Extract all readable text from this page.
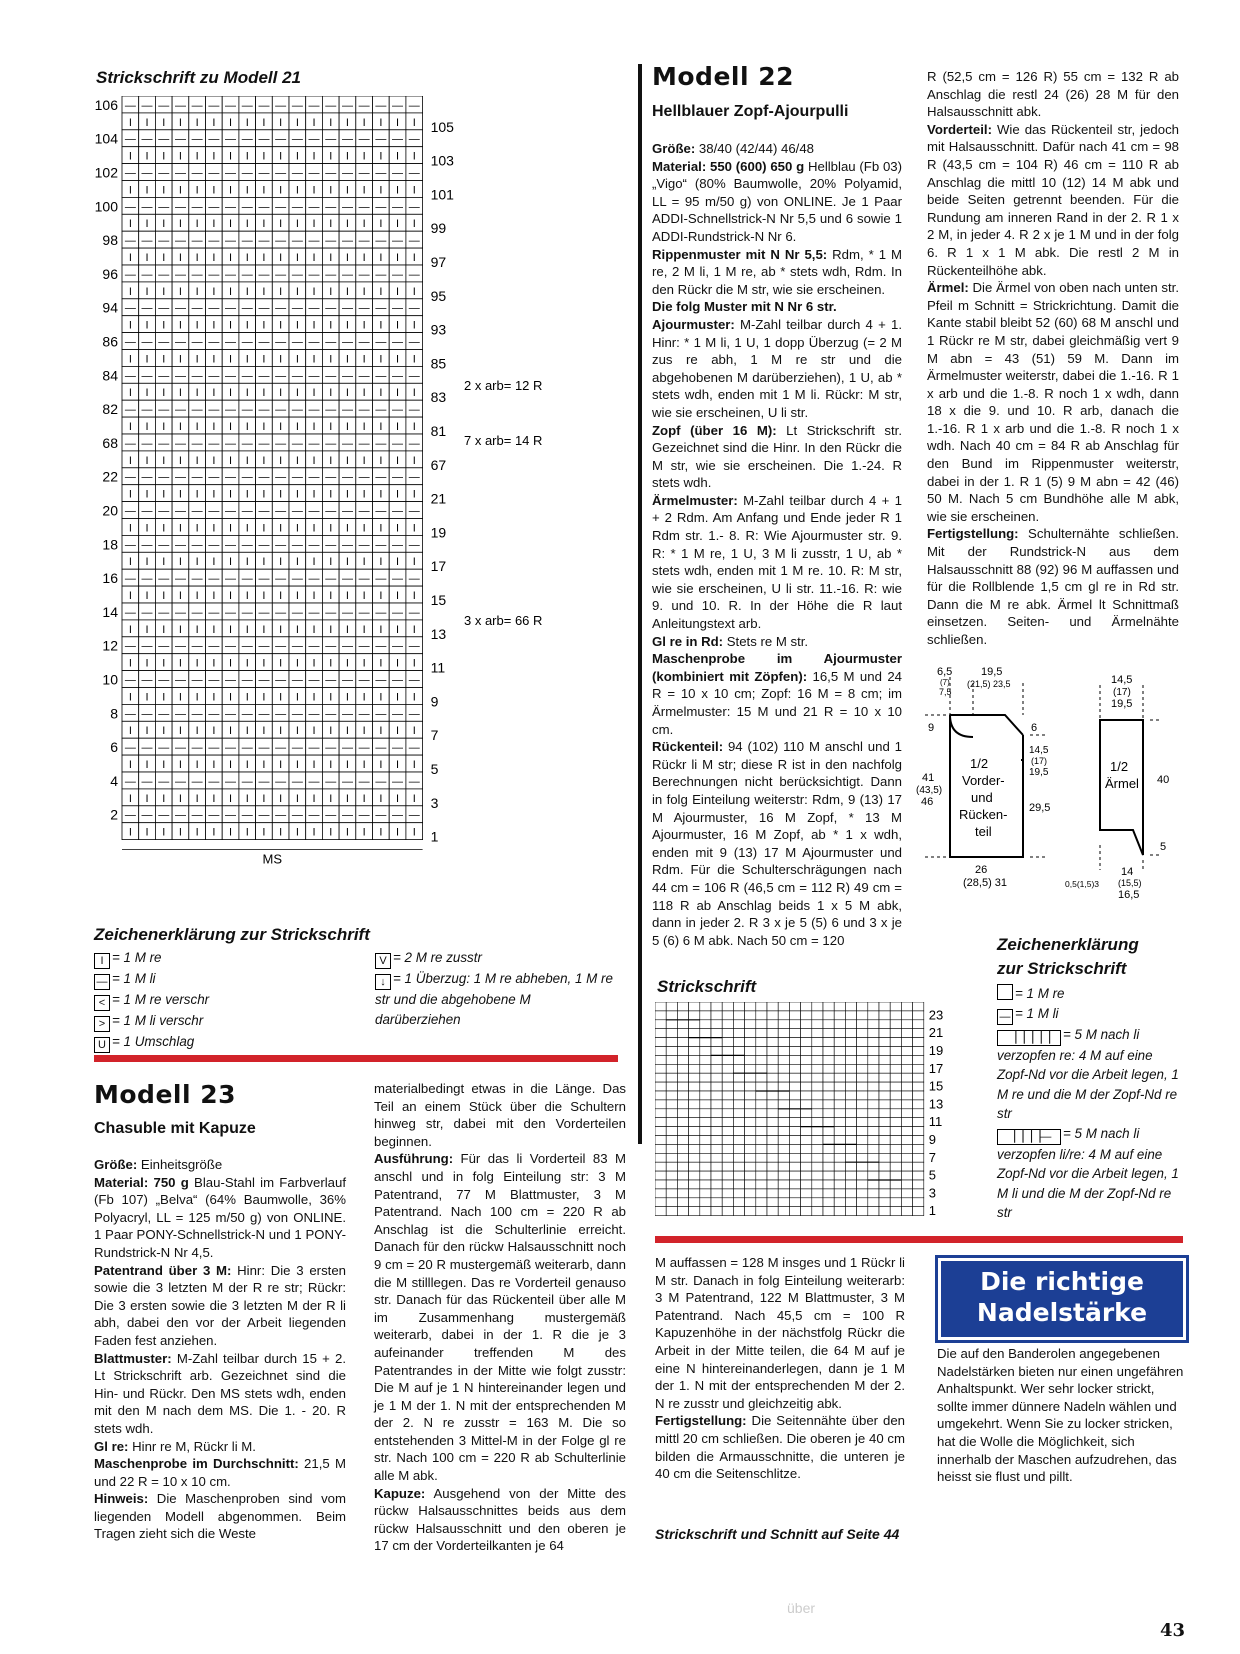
Strickschrift zu Modell 21
— — — — — — — — — — — — — — — — — —
I I I I I I I I I I I I I I I I I I
— — — — — — — — — — — — — — — — — —
I I I I I I I I I I I I I I I I I I
— — — — — — — — — — — — — — — — — —
I I I I I I I I I I I I I I I I I I
— — — — — — — — — — — — — — — — — —
I I I I I I I I I I I I I I I I I I
— — — — — — — — — — — — — — — — — —
I I I I I I I I I I I I I I I I I I
— — — — — — — — — — — — — — — — — —
I I I I I I I I I I I I I I I I I I
— — — — — — — — — — — — — — — — — —
I I I I I I I I I I I I I I I I I I
— — — — — — — — — — — — — — — — — —
I I I I I I I I I I I I I I I I I I
— — — — — — — — — — — — — — — — — —
I I I I I I I I I I I I I I I I I I
— — — — — — — — — — — — — — — — — —
I I I I I I I I I I I I I I I I I I
— — — — — — — — — — — — — — — — — —
I I I I I I I I I I I I I I I I I I
— — — — — — — — — — — — — — — — — —
I I I I I I I I I I I I I I I I I I
— — — — — — — — — — — — — — — — — —
I I I I I I I I I I I I I I I I I I
— — — — — — — — — — — — — — — — — —
I I I I I I I I I I I I I I I I I I
— — — — — — — — — — — — — — — — — —
I I I I I I I I I I I I I I I I I I
— — — — — — — — — — — — — — — — — —
I I I I I I I I I I I I I I I I I I
— — — — — — — — — — — — — — — — — —
I I I I I I I I I I I I I I I I I I
— — — — — — — — — — — — — — — — — —
I I I I I I I I I I I I I I I I I I
— — — — — — — — — — — — — — — — — —
I I I I I I I I I I I I I I I I I I
— — — — — — — — — — — — — — — — — —
I I I I I I I I I I I I I I I I I I
— — — — — — — — — — — — — — — — — —
I I I I I I I I I I I I I I I I I I
— — — — — — — — — — — — — — — — — —
I I I I I I I I I I I I I I I I I I
106
104
102
100
98
96
94
86
84
82
68
22
20
18
16
14
12
10
8
6
4
2
105
103
101
99
97
95
93
85
83
81
67
21
19
17
15
13
11
9
7
5
3
1
MS
2 x arb= 12 R
7 x arb= 14 R
3 x arb= 66 R
Zeichenerklärung zur Strickschrift
I = 1 M re
— = 1 M li
< = 1 M re verschr
> = 1 M li verschr
U = 1 Umschlag
V = 2 M re zusstr
↓ = 1 Überzug: 1 M re abheben, 1 M re str und die abgehobene M darüberziehen
Modell 22
Hellblauer Zopf-Ajourpulli

Größe: 38/40 (42/44) 46/48

Material: 550 (600) 650 g Hellblau (Fb 03) „Vigo“ (80% Baumwolle, 20% Polyamid, LL = 95 m/50 g) von ONLINE. Je 1 Paar ADDI-Schnellstrick-N Nr 5,5 und 6 sowie 1 ADDI-Rundstrick-N Nr 6.

Rippenmuster mit N Nr 5,5: Rdm, * 1 M re, 2 M li, 1 M re, ab * stets wdh, Rdm. In den Rückr die M str, wie sie erscheinen.

Die folg Muster mit N Nr 6 str.

Ajourmuster: M-Zahl teilbar durch 4 + 1. Hinr: * 1 M li, 1 U, 1 dopp Überzug (= 2 M zus re abh, 1 M re str und die abgehobenen M darüberziehen), 1 U, ab * stets wdh, enden mit 1 M li. Rückr: M str, wie sie erscheinen, U li str.

Zopf (über 16 M): Lt Strickschrift str. Gezeichnet sind die Hinr. In den Rückr die M str, wie sie erscheinen. Die 1.-24. R stets wdh.

Ärmelmuster: M-Zahl teilbar durch 4 + 1 + 2 Rdm. Am Anfang und Ende jeder R 1 Rdm str. 1.- 8. R: Wie Ajourmuster str. 9. R: * 1 M re, 1 U, 3 M li zusstr, 1 U, ab * stets wdh, enden mit 1 M re. 10. R: M str, wie sie erscheinen, U li str. 11.-16. R: wie 9. und 10. R. In der Höhe die R laut Anleitungstext arb.

Gl re in Rd: Stets re M str.

Maschenprobe im Ajourmuster (kombiniert mit Zöpfen): 16,5 M und 24 R = 10 x 10 cm; Zopf: 16 M = 8 cm; im Ärmelmuster: 15 M und 21 R = 10 x 10 cm.

Rückenteil: 94 (102) 110 M anschl und 1 Rückr li M str; diese R ist in den nachfolg Berechnungen nicht berücksichtigt. Dann in folg Einteilung weiterstr: Rdm, 9 (13) 17 M Ajourmuster, 16 M Zopf, * 13 M Ajourmuster, 16 M Zopf, ab * 1 x wdh, enden mit 9 (13) 17 M Ajourmuster und Rdm. Für die Schulterschrägungen nach 44 cm = 106 R (46,5 cm = 112 R) 49 cm = 118 R ab Anschlag beids 1 x 5 M abk, dann in jeder 2. R 3 x je 5 (5) 6 und 3 x je 5 (6) 6 M abk. Nach 50 cm = 120

R (52,5 cm = 126 R) 55 cm = 132 R ab Anschlag die restl 24 (26) 28 M für den Halsausschnitt abk.

Vorderteil: Wie das Rückenteil str, jedoch mit Halsausschnitt. Dafür nach 41 cm = 98 R (43,5 cm = 104 R) 46 cm = 110 R ab Anschlag die mittl 10 (12) 14 M abk und beide Seiten getrennt beenden. Für die Rundung am inneren Rand in der 2. R 1 x 2 M, in jeder 4. R 2 x je 1 M und in der folg 6. R 1 x 1 M abk. Die restl 2 M in Rückenteilhöhe abk.

Ärmel: Die Ärmel von oben nach unten str. Pfeil m Schnitt = Strickrichtung. Damit die Kante stabil bleibt 52 (60) 68 M anschl und 1 Rückr re M str, dabei gleichmäßig vert 9 M abn = 43 (51) 59 M. Dann im Ärmelmuster weiterstr, dabei die 1.-16. R 1 x arb und die 1.-8. R noch 1 x wdh, dann 18 x die 9. und 10. R arb, danach die 1.-16. R 1 x arb und die 1.-8. R noch 1 x wdh. Nach 40 cm = 84 R ab Anschlag für den Bund im Rippenmuster weiterstr, dabei in der 1. R 1 (5) 9 M abn = 42 (46) 50 M. Nach 5 cm Bundhöhe alle M abk, wie sie erscheinen.

Fertigstellung: Schulternähte schließen. Mit der Rundstrick-N aus dem Halsausschnitt 88 (92) 96 M auffassen und für die Rollblende 1,5 cm gl re in Rd str. Dann die M re abk. Ärmel lt Schnittmaß einsetzen. Seiten- und Ärmelnähte schließen.

6,5
(7)
7,5
19,5
(21,5) 23,5
9
41
(43,5)
46
6
14,5
(17)
19,5
29,5
1/2
Vorder-
und
Rücken-
teil
26
(28,5) 31
14,5
(17)
19,5
1/2
Ärmel 40
5
0,5(1,5)3
14
(15,5)
16,5
Zeichenerklärung
zur Strickschrift
= 1 M re
— = 1 M li
▕▕▕▕▕ = 5 M nach li verzopfen re: 4 M auf eine Zopf-Nd vor die Arbeit legen, 1 M re und die M der Zopf-Nd re str
▕▕▕▕— = 5 M nach li verzopfen li/re: 4 M auf eine Zopf-Nd vor die Arbeit legen, 1 M li und die M der Zopf-Nd re str
Strickschrift
23
21
19
17
15
13
11
9
7
5
3
1
Modell 23
Chasuble mit Kapuze

Größe: Einheitsgröße

Material: 750 g Blau-Stahl im Farbverlauf (Fb 107) „Belva“ (64% Baumwolle, 36% Polyacryl, LL = 125 m/50 g) von ONLINE. 1 Paar PONY-Schnellstrick-N und 1 PONY-Rundstrick-N Nr 4,5.

Patentrand über 3 M: Hinr: Die 3 ersten sowie die 3 letzten M der R re str; Rückr: Die 3 ersten sowie die 3 letzten M der R li abh, dabei den vor der Arbeit liegenden Faden fest anziehen.

Blattmuster: M-Zahl teilbar durch 15 + 2. Lt Strickschrift arb. Gezeichnet sind die Hin- und Rückr. Den MS stets wdh, enden mit den M nach dem MS. Die 1. - 20. R stets wdh.

Gl re: Hinr re M, Rückr li M.

Maschenprobe im Durchschnitt: 21,5 M und 22 R = 10 x 10 cm.

Hinweis: Die Maschenproben sind vom liegenden Modell abgenommen. Beim Tragen zieht sich die Weste

materialbedingt etwas in die Länge. Das Teil an einem Stück über die Schultern hinweg str, dabei mit den Vorderteilen beginnen.

Ausführung: Für das li Vorderteil 83 M anschl und in folg Einteilung str: 3 M Patentrand, 77 M Blattmuster, 3 M Patentrand. Nach 100 cm = 220 R ab Anschlag ist die Schulterlinie erreicht. Danach für den rückw Halsausschnitt noch 9 cm = 20 R mustergemäß weiterarb, dann die M stilllegen. Das re Vorderteil genauso str. Danach für das Rückenteil über alle M im Zusammenhang mustergemäß weiterarb, dabei in der 1. R die je 3 aufeinander treffenden M des Patentrandes in der Mitte wie folgt zusstr: Die M auf je 1 N hintereinander legen und je 1 M der 1. N mit der entsprechenden M der 2. N re zusstr = 163 M. Die so entstehenden 3 Mittel-M in der Folge gl re str. Nach 100 cm = 220 R ab Schulterlinie alle M abk.

Kapuze: Ausgehend von der Mitte des rückw Halsausschnittes beids aus dem rückw Halsausschnitt und den oberen je 17 cm der Vorderteilkanten je 64

M auffassen = 128 M insges und 1 Rückr li M str. Danach in folg Einteilung weiterarb: 3 M Patentrand, 122 M Blattmuster, 3 M Patentrand. Nach 45,5 cm = 100 R Kapuzenhöhe in der nächstfolg Rückr die Arbeit in der Mitte teilen, die 64 M auf je eine N hintereinanderlegen, dann je 1 M der 1. N mit der entsprechenden M der 2. N re zusstr und gleichzeitig abk.

Fertigstellung: Die Seitennähte über den mittl 20 cm schließen. Die oberen je 40 cm bilden die Armausschnitte, die unteren je 40 cm die Seitenschlitze.

Strickschrift und Schnitt auf Seite 44
Die richtige
Nadelstärke
Die auf den Banderolen angegebenen Nadelstärken bieten nur einen ungefähren Anhaltspunkt. Wer sehr locker strickt, sollte immer dünnere Nadeln wählen und umgekehrt. Wenn Sie zu locker stricken, hat die Wolle die Möglichkeit, sich innerhalb der Maschen aufzudrehen, das heisst sie flust und pillt.
über
43
